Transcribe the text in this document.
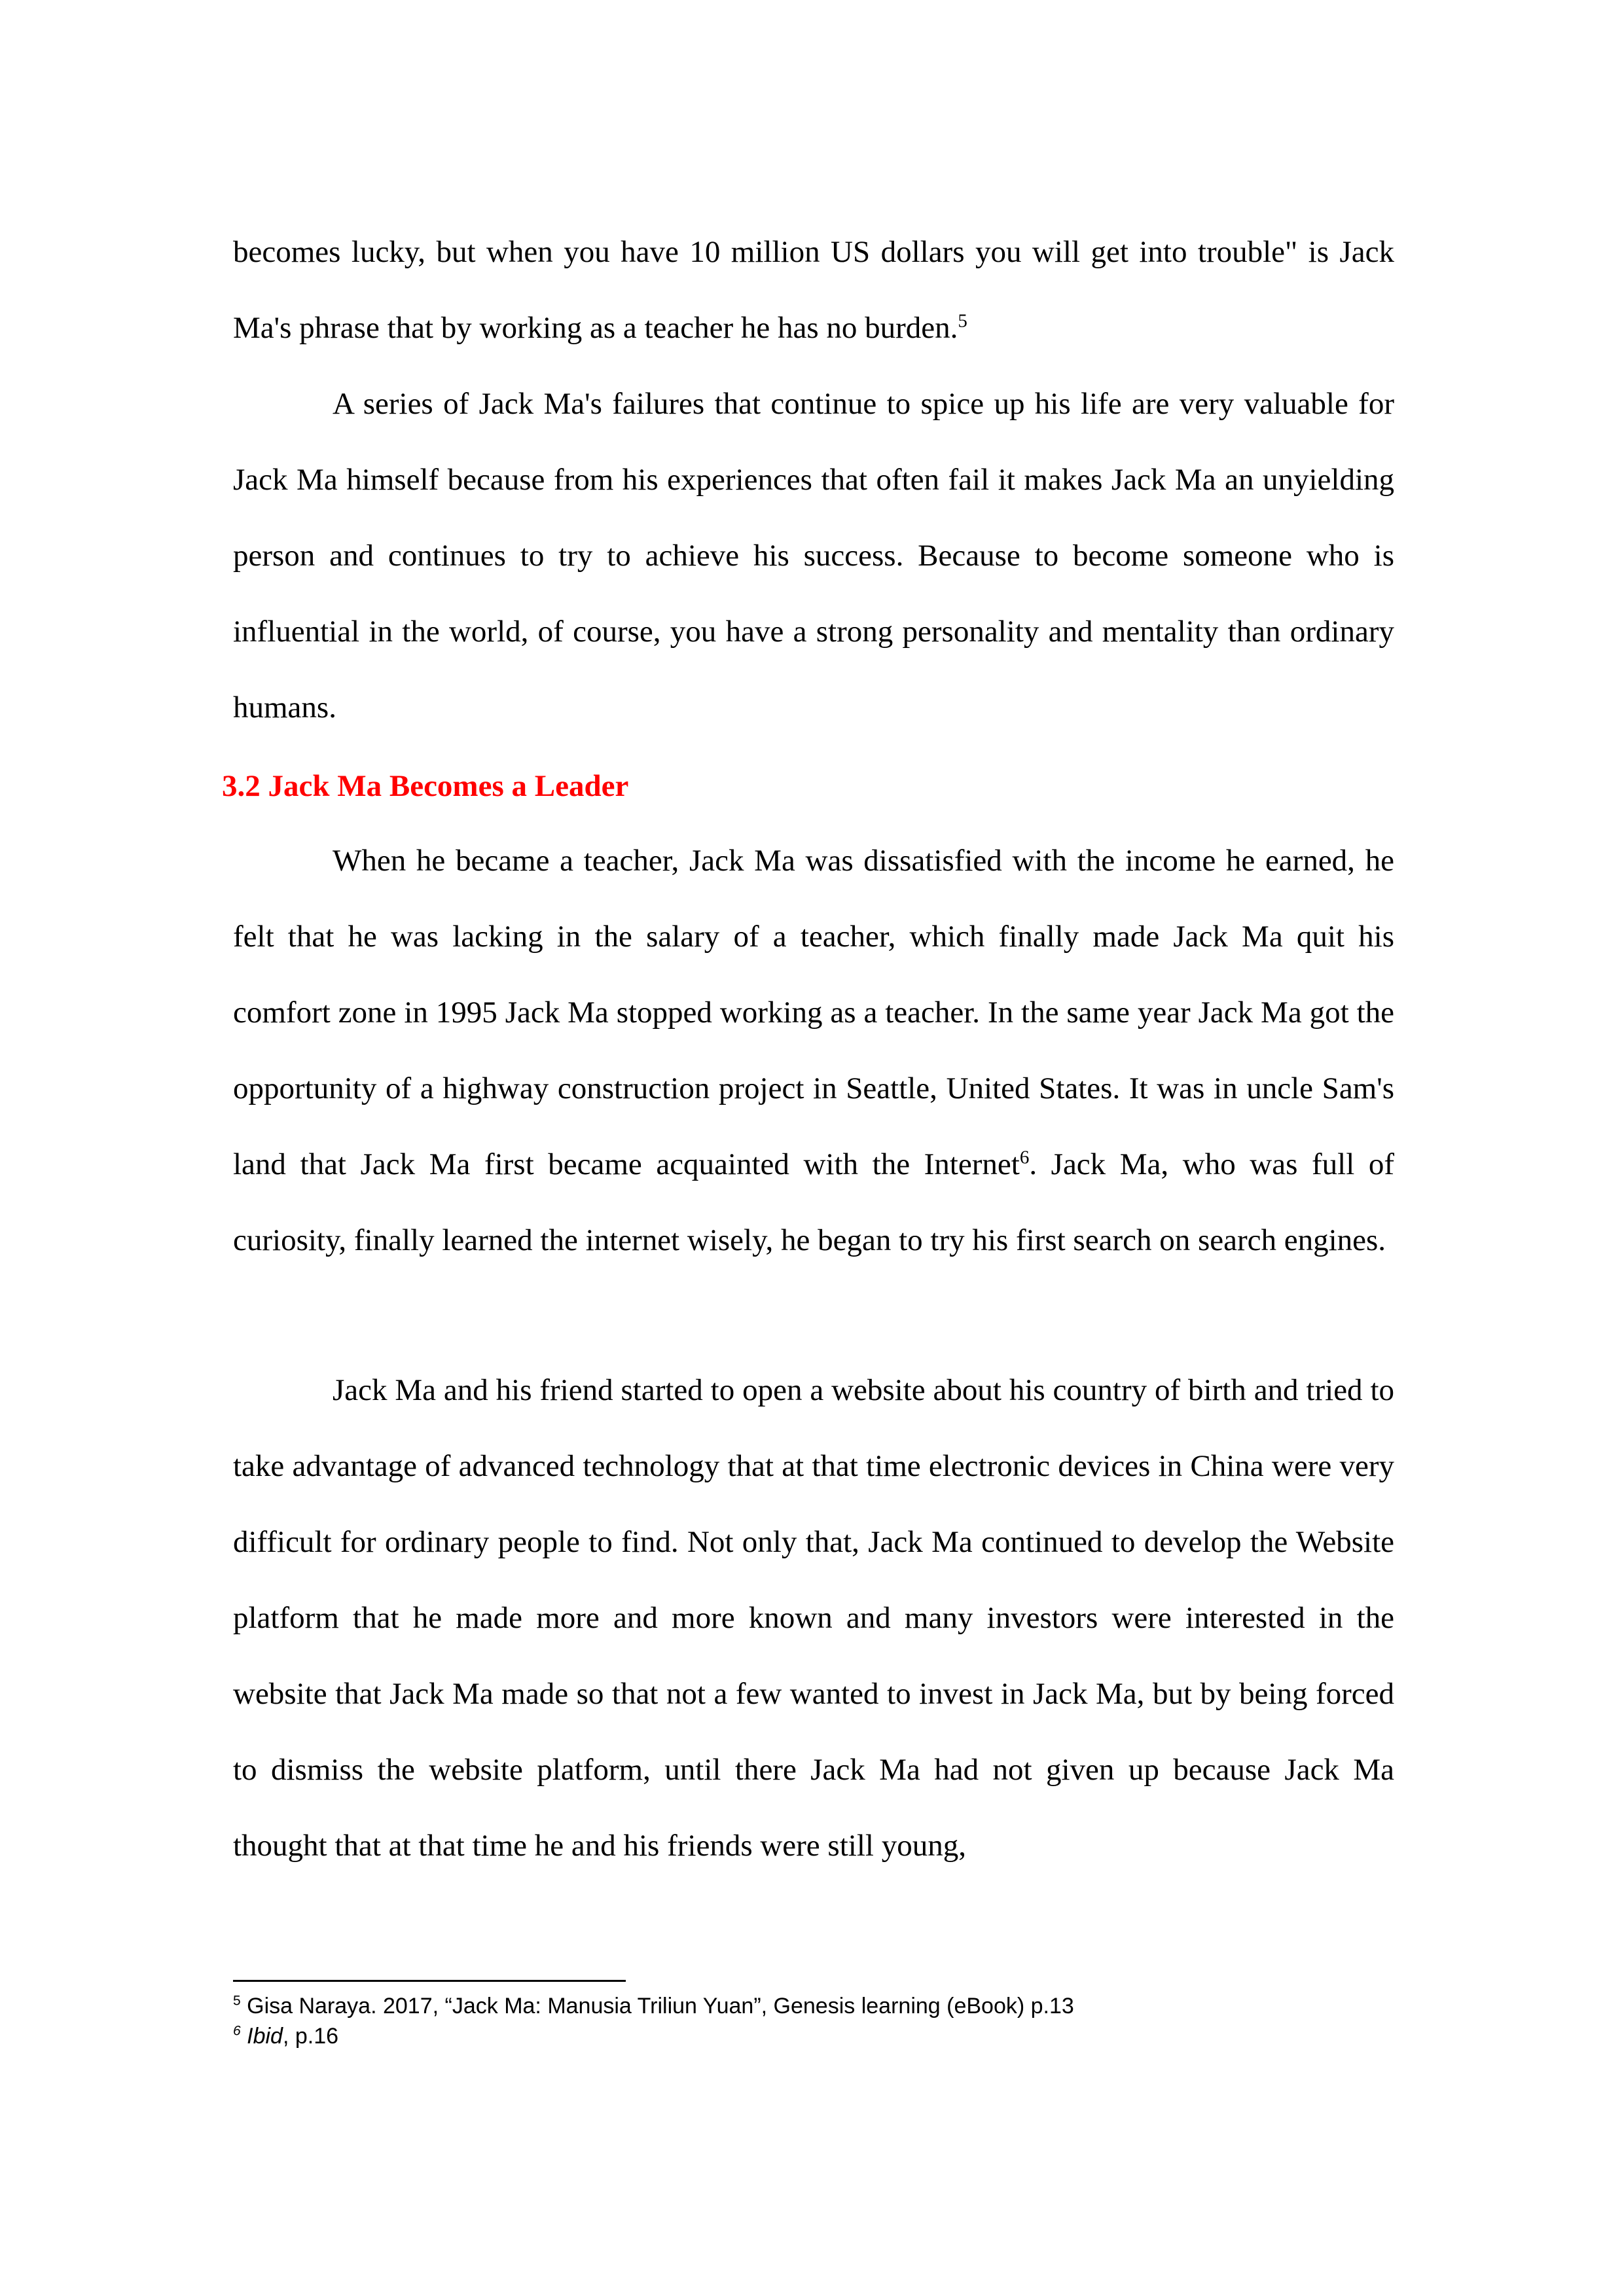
becomes lucky, but when you have 10 million US dollars you will get into trouble" is Jack Ma's phrase that by working as a teacher he has no burden.$^5$

A series of Jack Ma's failures that continue to spice up his life are very valuable for Jack Ma himself because from his experiences that often fail it makes Jack Ma an unyielding person and continues to try to achieve his success. Because to become someone who is influential in the world, of course, you have a strong personality and mentality than ordinary humans.

3.2 Jack Ma Becomes a Leader

When he became a teacher, Jack Ma was dissatisfied with the income he earned, he felt that he was lacking in the salary of a teacher, which finally made Jack Ma quit his comfort zone in 1995 Jack Ma stopped working as a teacher. In the same year Jack Ma got the opportunity of a highway construction project in Seattle, United States. It was in uncle Sam's land that Jack Ma first became acquainted with the Internet$^6$. Jack Ma, who was full of curiosity, finally learned the internet wisely, he began to try his first search on search engines.

Jack Ma and his friend started to open a website about his country of birth and tried to take advantage of advanced technology that at that time electronic devices in China were very difficult for ordinary people to find. Not only that, Jack Ma continued to develop the Website platform that he made more and more known and many investors were interested in the website that Jack Ma made so that not a few wanted to invest in Jack Ma, but by being forced to dismiss the website platform, until there Jack Ma had not given up because Jack Ma thought that at that time he and his friends were still young,

$^5$ Gisa Naraya. 2017, “Jack Ma: Manusia Triliun Yuan”, Genesis learning (eBook) p.13

$^6$ Ibid, p.16
